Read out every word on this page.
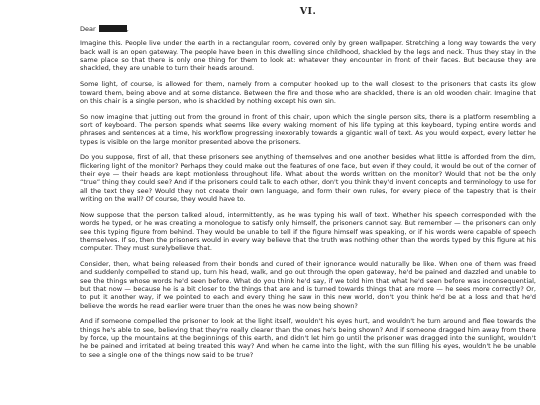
VI.
Dear	,

Imagine this. People live under the earth in a rectangular room, covered only by green wallpaper. Stretching a long way towards the very back wall is an open gateway. The people have been in this dwelling since childhood, shackled by the legs and neck. Thus they stay in the same place so that there is only one thing for them to look at: whatever they encounter in front of their faces. But because they are shackled, they are unable to turn their heads around.

Some light, of course, is allowed for them, namely from a computer hooked up to the wall closest to the prisoners that casts its glow toward them, being above and at some distance. Between the fire and those who are shackled, there is an old wooden chair. Imagine that on this chair is a single person, who is shackled by nothing except his own sin.

So now imagine that jutting out from the ground in front of this chair, upon which the single person sits, there is a platform resembling a sort of keyboard. The person spends what seems like every waking moment of his life typing at this keyboard, typing entire words and phrases and sentences at a time, his workflow progressing inexorably towards a gigantic wall of text. As you would expect, every letter he types is visible on the large monitor presented above the prisoners.

Do you suppose, first of all, that these prisoners see anything of themselves and one another besides what little is afforded from the dim, flickering light of the monitor? Perhaps they could make out the features of one face, but even if they could, it would be out of the corner of their eye — their heads are kept motionless throughout life. What about the words written on the monitor? Would that not be the only “true” thing they could see? And if the prisoners could talk to each other, don't you think they'd invent concepts and terminology to use for all the text they see? Would they not create their own language, and form their own rules, for every piece of the tapestry that is their writing on the wall? Of course, they would have to.

Now suppose that the person talked aloud, intermittently, as he was typing his wall of text. Whether his speech corresponded with the words he typed, or he was creating a monologue to satisfy only himself, the prisoners cannot say. But remember — the prisoners can only see this typing figure from behind. They would be unable to tell if the figure himself was speaking, or if his words were capable of speech themselves. If so, then the prisoners would in every way believe that the truth was nothing other than the words typed by this figure at his computer. They must surelybelieve that.

Consider, then, what being released from their bonds and cured of their ignorance would naturally be like. When one of them was freed and suddenly compelled to stand up, turn his head, walk, and go out through the open gateway, he'd be pained and dazzled and unable to see the things whose words he'd seen before. What do you think he'd say, if we told him that what he'd seen before was inconsequential, but that now — because he is a bit closer to the things that are and is turned towards things that are more — he sees more correctly? Or, to put it another way, if we pointed to each and every thing he saw in this new world, don't you think he'd be at a loss and that he'd believe the words he read earlier were truer than the ones he was now being shown?

And if someone compelled the prisoner to look at the light itself, wouldn't his eyes hurt, and wouldn't he turn around and flee towards the things he's able to see, believing that they're really clearer than the ones he's being shown? And if someone dragged him away from there by force, up the mountains at the beginnings of this earth, and didn't let him go until the prisoner was dragged into the sunlight, wouldn't he be pained and irritated at being treated this way? And when he came into the light, with the sun filling his eyes, wouldn't he be unable to see a single one of the things now said to be true?
